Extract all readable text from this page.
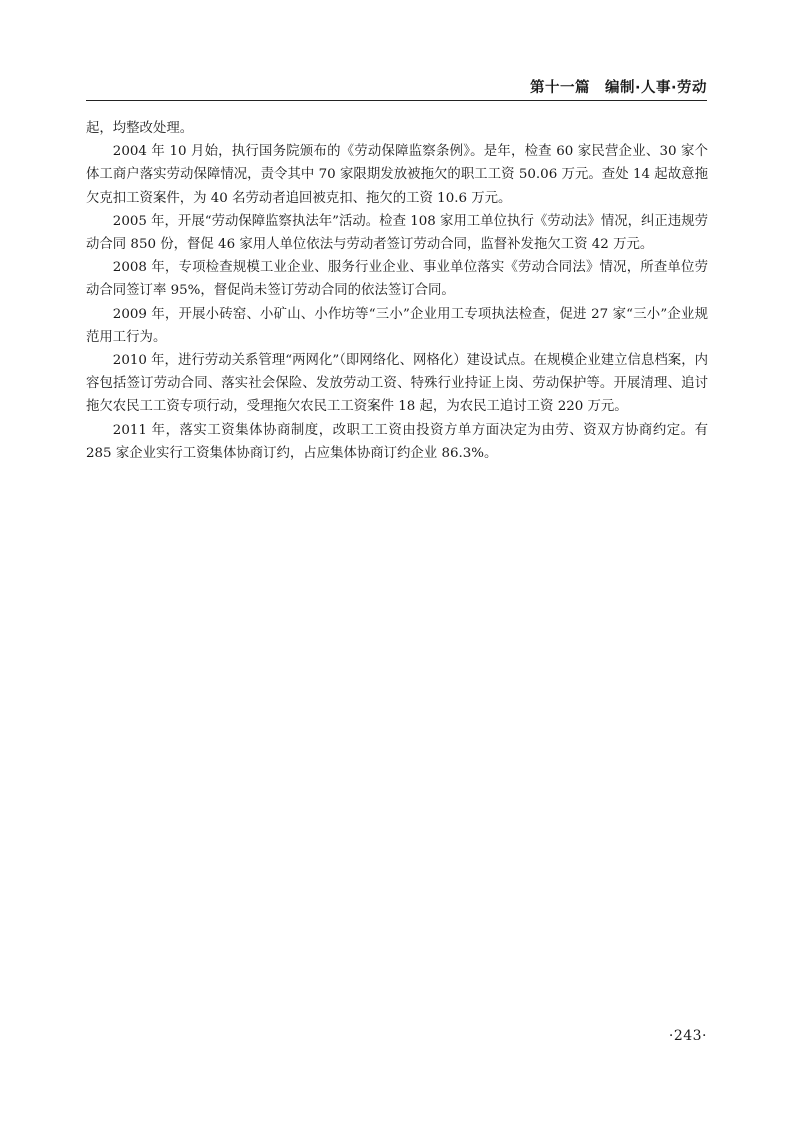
第十一篇　编制·人事·劳动

起，均整改处理。

2004 年 10 月始，执行国务院颁布的《劳动保障监察条例》。是年，检查 60 家民营企业、30 家个体工商户落实劳动保障情况，责令其中 70 家限期发放被拖欠的职工工资 50.06 万元。查处 14 起故意拖欠克扣工资案件，为 40 名劳动者追回被克扣、拖欠的工资 10.6 万元。

2005 年，开展“劳动保障监察执法年”活动。检查 108 家用工单位执行《劳动法》情况，纠正违规劳动合同 850 份，督促 46 家用人单位依法与劳动者签订劳动合同，监督补发拖欠工资 42 万元。

2008 年，专项检查规模工业企业、服务行业企业、事业单位落实《劳动合同法》情况，所查单位劳动合同签订率 95%，督促尚未签订劳动合同的依法签订合同。

2009 年，开展小砖窑、小矿山、小作坊等“三小”企业用工专项执法检查，促进 27 家“三小”企业规范用工行为。

2010 年，进行劳动关系管理“两网化”（即网络化、网格化）建设试点。在规模企业建立信息档案，内容包括签订劳动合同、落实社会保险、发放劳动工资、特殊行业持证上岗、劳动保护等。开展清理、追讨拖欠农民工工资专项行动，受理拖欠农民工工资案件 18 起，为农民工追讨工资 220 万元。

2011 年，落实工资集体协商制度，改职工工资由投资方单方面决定为由劳、资双方协商约定。有 285 家企业实行工资集体协商订约，占应集体协商订约企业 86.3%。

·243·
